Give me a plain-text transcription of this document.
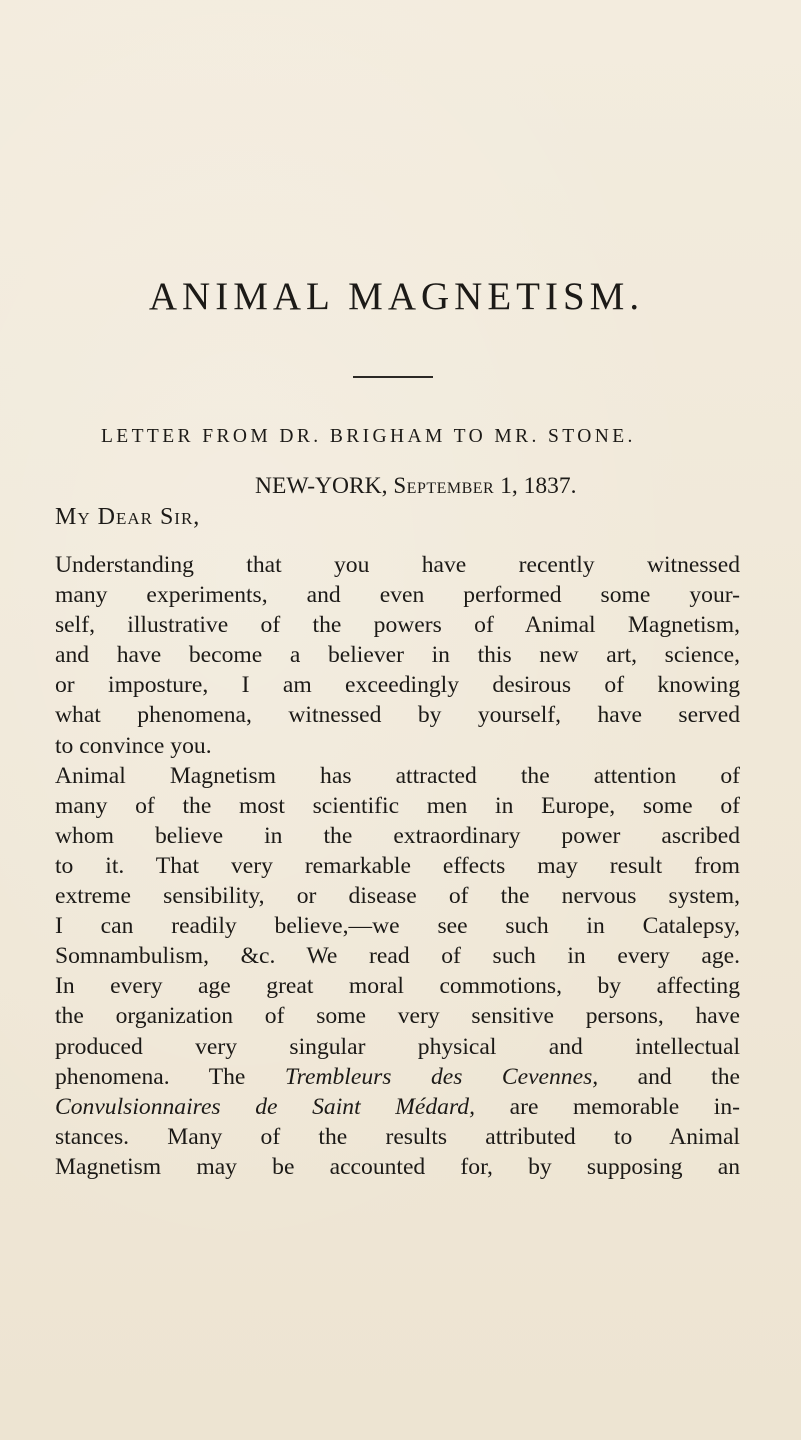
ANIMAL MAGNETISM.
LETTER FROM DR. BRIGHAM TO MR. STONE.
NEW-YORK, September 1, 1837.
My Dear Sir,
Understanding that you have recently witnessed
many experiments, and even performed some your-
self, illustrative of the powers of Animal Magnetism,
and have become a believer in this new art, science,
or imposture, I am exceedingly desirous of knowing
what phenomena, witnessed by yourself, have served
to convince you.
Animal Magnetism has attracted the attention of
many of the most scientific men in Europe, some of
whom believe in the extraordinary power ascribed
to it. That very remarkable effects may result from
extreme sensibility, or disease of the nervous system,
I can readily believe,—we see such in Catalepsy,
Somnambulism, &c. We read of such in every age.
In every age great moral commotions, by affecting
the organization of some very sensitive persons, have
produced very singular physical and intellectual
phenomena. The Trembleurs des Cevennes, and the
Convulsionnaires de Saint Médard, are memorable in-
stances. Many of the results attributed to Animal
Magnetism may be accounted for, by supposing an
